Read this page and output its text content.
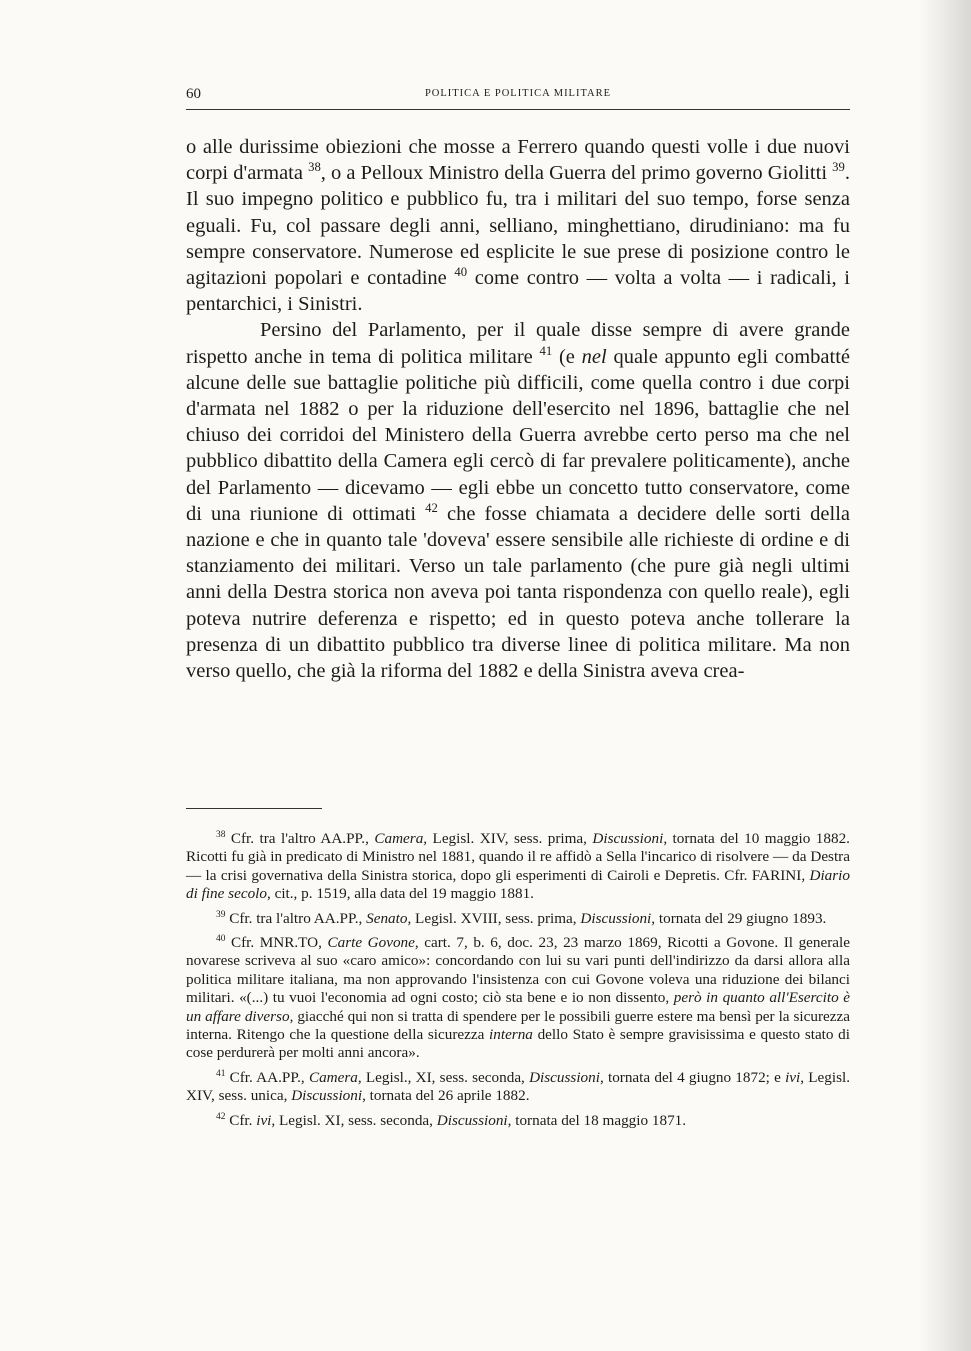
60	POLITICA E POLITICA MILITARE

o alle durissime obiezioni che mosse a Ferrero quando questi volle i due nuovi corpi d'armata $^{38}$, o a Pelloux Ministro della Guerra del primo governo Giolitti $^{39}$. Il suo impegno politico e pubblico fu, tra i militari del suo tempo, forse senza eguali. Fu, col passare degli anni, selliano, minghettiano, dirudiniano: ma fu sempre conservatore. Numerose ed esplicite le sue prese di posizione contro le agitazioni popolari e contadine $^{40}$ come contro — volta a volta — i radicali, i pentarchici, i Sinistri.

Persino del Parlamento, per il quale disse sempre di avere grande rispetto anche in tema di politica militare $^{41}$ (e nel quale appunto egli combatté alcune delle sue battaglie politiche più difficili, come quella contro i due corpi d'armata nel 1882 o per la riduzione dell'esercito nel 1896, battaglie che nel chiuso dei corridoi del Ministero della Guerra avrebbe certo perso ma che nel pubblico dibattito della Camera egli cercò di far prevalere politicamente), anche del Parlamento — dicevamo — egli ebbe un concetto tutto conservatore, come di una riunione di ottimati $^{42}$ che fosse chiamata a decidere delle sorti della nazione e che in quanto tale 'doveva' essere sensibile alle richieste di ordine e di stanziamento dei militari. Verso un tale parlamento (che pure già negli ultimi anni della Destra storica non aveva poi tanta rispondenza con quello reale), egli poteva nutrire deferenza e rispetto; ed in questo poteva anche tollerare la presenza di un dibattito pubblico tra diverse linee di politica militare. Ma non verso quello, che già la riforma del 1882 e della Sinistra aveva crea-

$^{38}$ Cfr. tra l'altro AA.PP., Camera, Legisl. XIV, sess. prima, Discussioni, tornata del 10 maggio 1882. Ricotti fu già in predicato di Ministro nel 1881, quando il re affidò a Sella l'incarico di risolvere — da Destra — la crisi governativa della Sinistra storica, dopo gli esperimenti di Cairoli e Depretis. Cfr. FARINI, Diario di fine secolo, cit., p. 1519, alla data del 19 maggio 1881.

$^{39}$ Cfr. tra l'altro AA.PP., Senato, Legisl. XVIII, sess. prima, Discussioni, tornata del 29 giugno 1893.

$^{40}$ Cfr. MNR.TO, Carte Govone, cart. 7, b. 6, doc. 23, 23 marzo 1869, Ricotti a Govone. Il generale novarese scriveva al suo «caro amico»: concordando con lui su vari punti dell'indirizzo da darsi allora alla politica militare italiana, ma non approvando l'insistenza con cui Govone voleva una riduzione dei bilanci militari. «(...) tu vuoi l'economia ad ogni costo; ciò sta bene e io non dissento, però in quanto all'Esercito è un affare diverso, giacché qui non si tratta di spendere per le possibili guerre estere ma bensì per la sicurezza interna. Ritengo che la questione della sicurezza interna dello Stato è sempre gravisissima e questo stato di cose perdurerà per molti anni ancora».

$^{41}$ Cfr. AA.PP., Camera, Legisl., XI, sess. seconda, Discussioni, tornata del 4 giugno 1872; e ivi, Legisl. XIV, sess. unica, Discussioni, tornata del 26 aprile 1882.

$^{42}$ Cfr. ivi, Legisl. XI, sess. seconda, Discussioni, tornata del 18 maggio 1871.
